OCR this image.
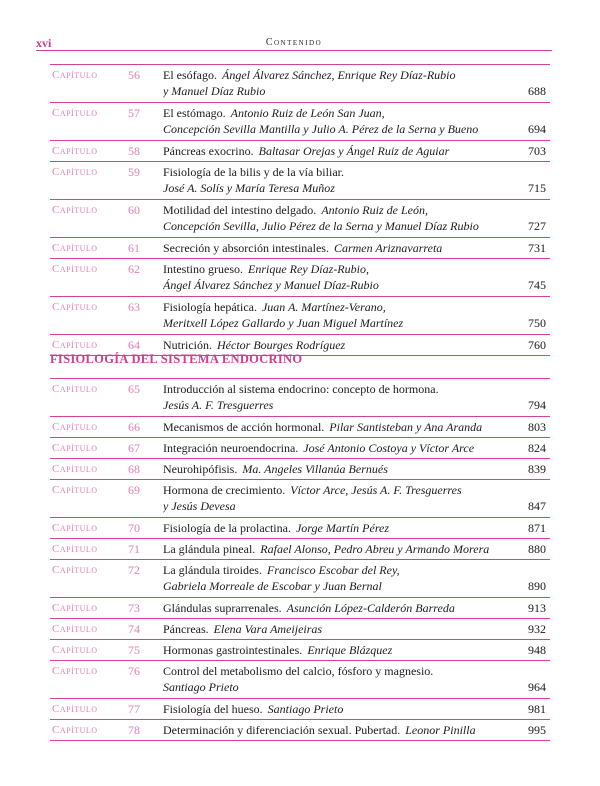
xvi	Contenido
Capítulo	56 El esófago. Ángel Álvarez Sánchez, Enrique Rey Díaz-Rubio
y Manuel Díaz Rubio	688
Capítulo	57 El estómago. Antonio Ruiz de León San Juan,
Concepción Sevilla Mantilla y Julio A. Pérez de la Serna y Bueno	694
Capítulo	58 Páncreas exocrino. Baltasar Orejas y Ángel Ruiz de Aguiar	703
Capítulo	59 Fisiología de la bilis y de la vía biliar.
José A. Solís y María Teresa Muñoz	715
Capítulo	60 Motilidad del intestino delgado. Antonio Ruiz de León,
Concepción Sevilla, Julio Pérez de la Serna y Manuel Díaz Rubio	727
Capítulo	61 Secreción y absorción intestinales. Carmen Ariznavarreta	731
Capítulo	62 Intestino grueso. Enrique Rey Díaz-Rubio,
Ángel Álvarez Sánchez y Manuel Díaz-Rubio	745
Capítulo	63 Fisiología hepática. Juan A. Martínez-Verano,
Meritxell López Gallardo y Juan Miguel Martínez	750
Capítulo	64 Nutrición. Héctor Bourges Rodríguez	760
FISIOLOGÍA DEL SISTEMA ENDOCRINO
Capítulo	65 Introducción al sistema endocrino: concepto de hormona.
Jesús A. F. Tresguerres	794
Capítulo	66 Mecanismos de acción hormonal. Pilar Santisteban y Ana Aranda	803
Capítulo	67 Integración neuroendocrina. José Antonio Costoya y Víctor Arce	824
Capítulo	68 Neurohipófisis. Ma. Angeles Villanúa Bernués	839
Capítulo	69 Hormona de crecimiento. Víctor Arce, Jesús A. F. Tresguerres
y Jesús Devesa	847
Capítulo	70 Fisiología de la prolactina. Jorge Martín Pérez	871
Capítulo	71 La glándula pineal. Rafael Alonso, Pedro Abreu y Armando Morera	880
Capítulo	72 La glándula tiroides. Francisco Escobar del Rey,
Gabriela Morreale de Escobar y Juan Bernal	890
Capítulo	73 Glándulas suprarrenales. Asunción López-Calderón Barreda	913
Capítulo	74 Páncreas. Elena Vara Ameijeiras	932
Capítulo	75 Hormonas gastrointestinales. Enrique Blázquez	948
Capítulo	76 Control del metabolismo del calcio, fósforo y magnesio.
Santiago Prieto	964
Capítulo	77 Fisiología del hueso. Santiago Prieto	981
Capítulo	78 Determinación y diferenciación sexual. Pubertad. Leonor Pinilla	995
